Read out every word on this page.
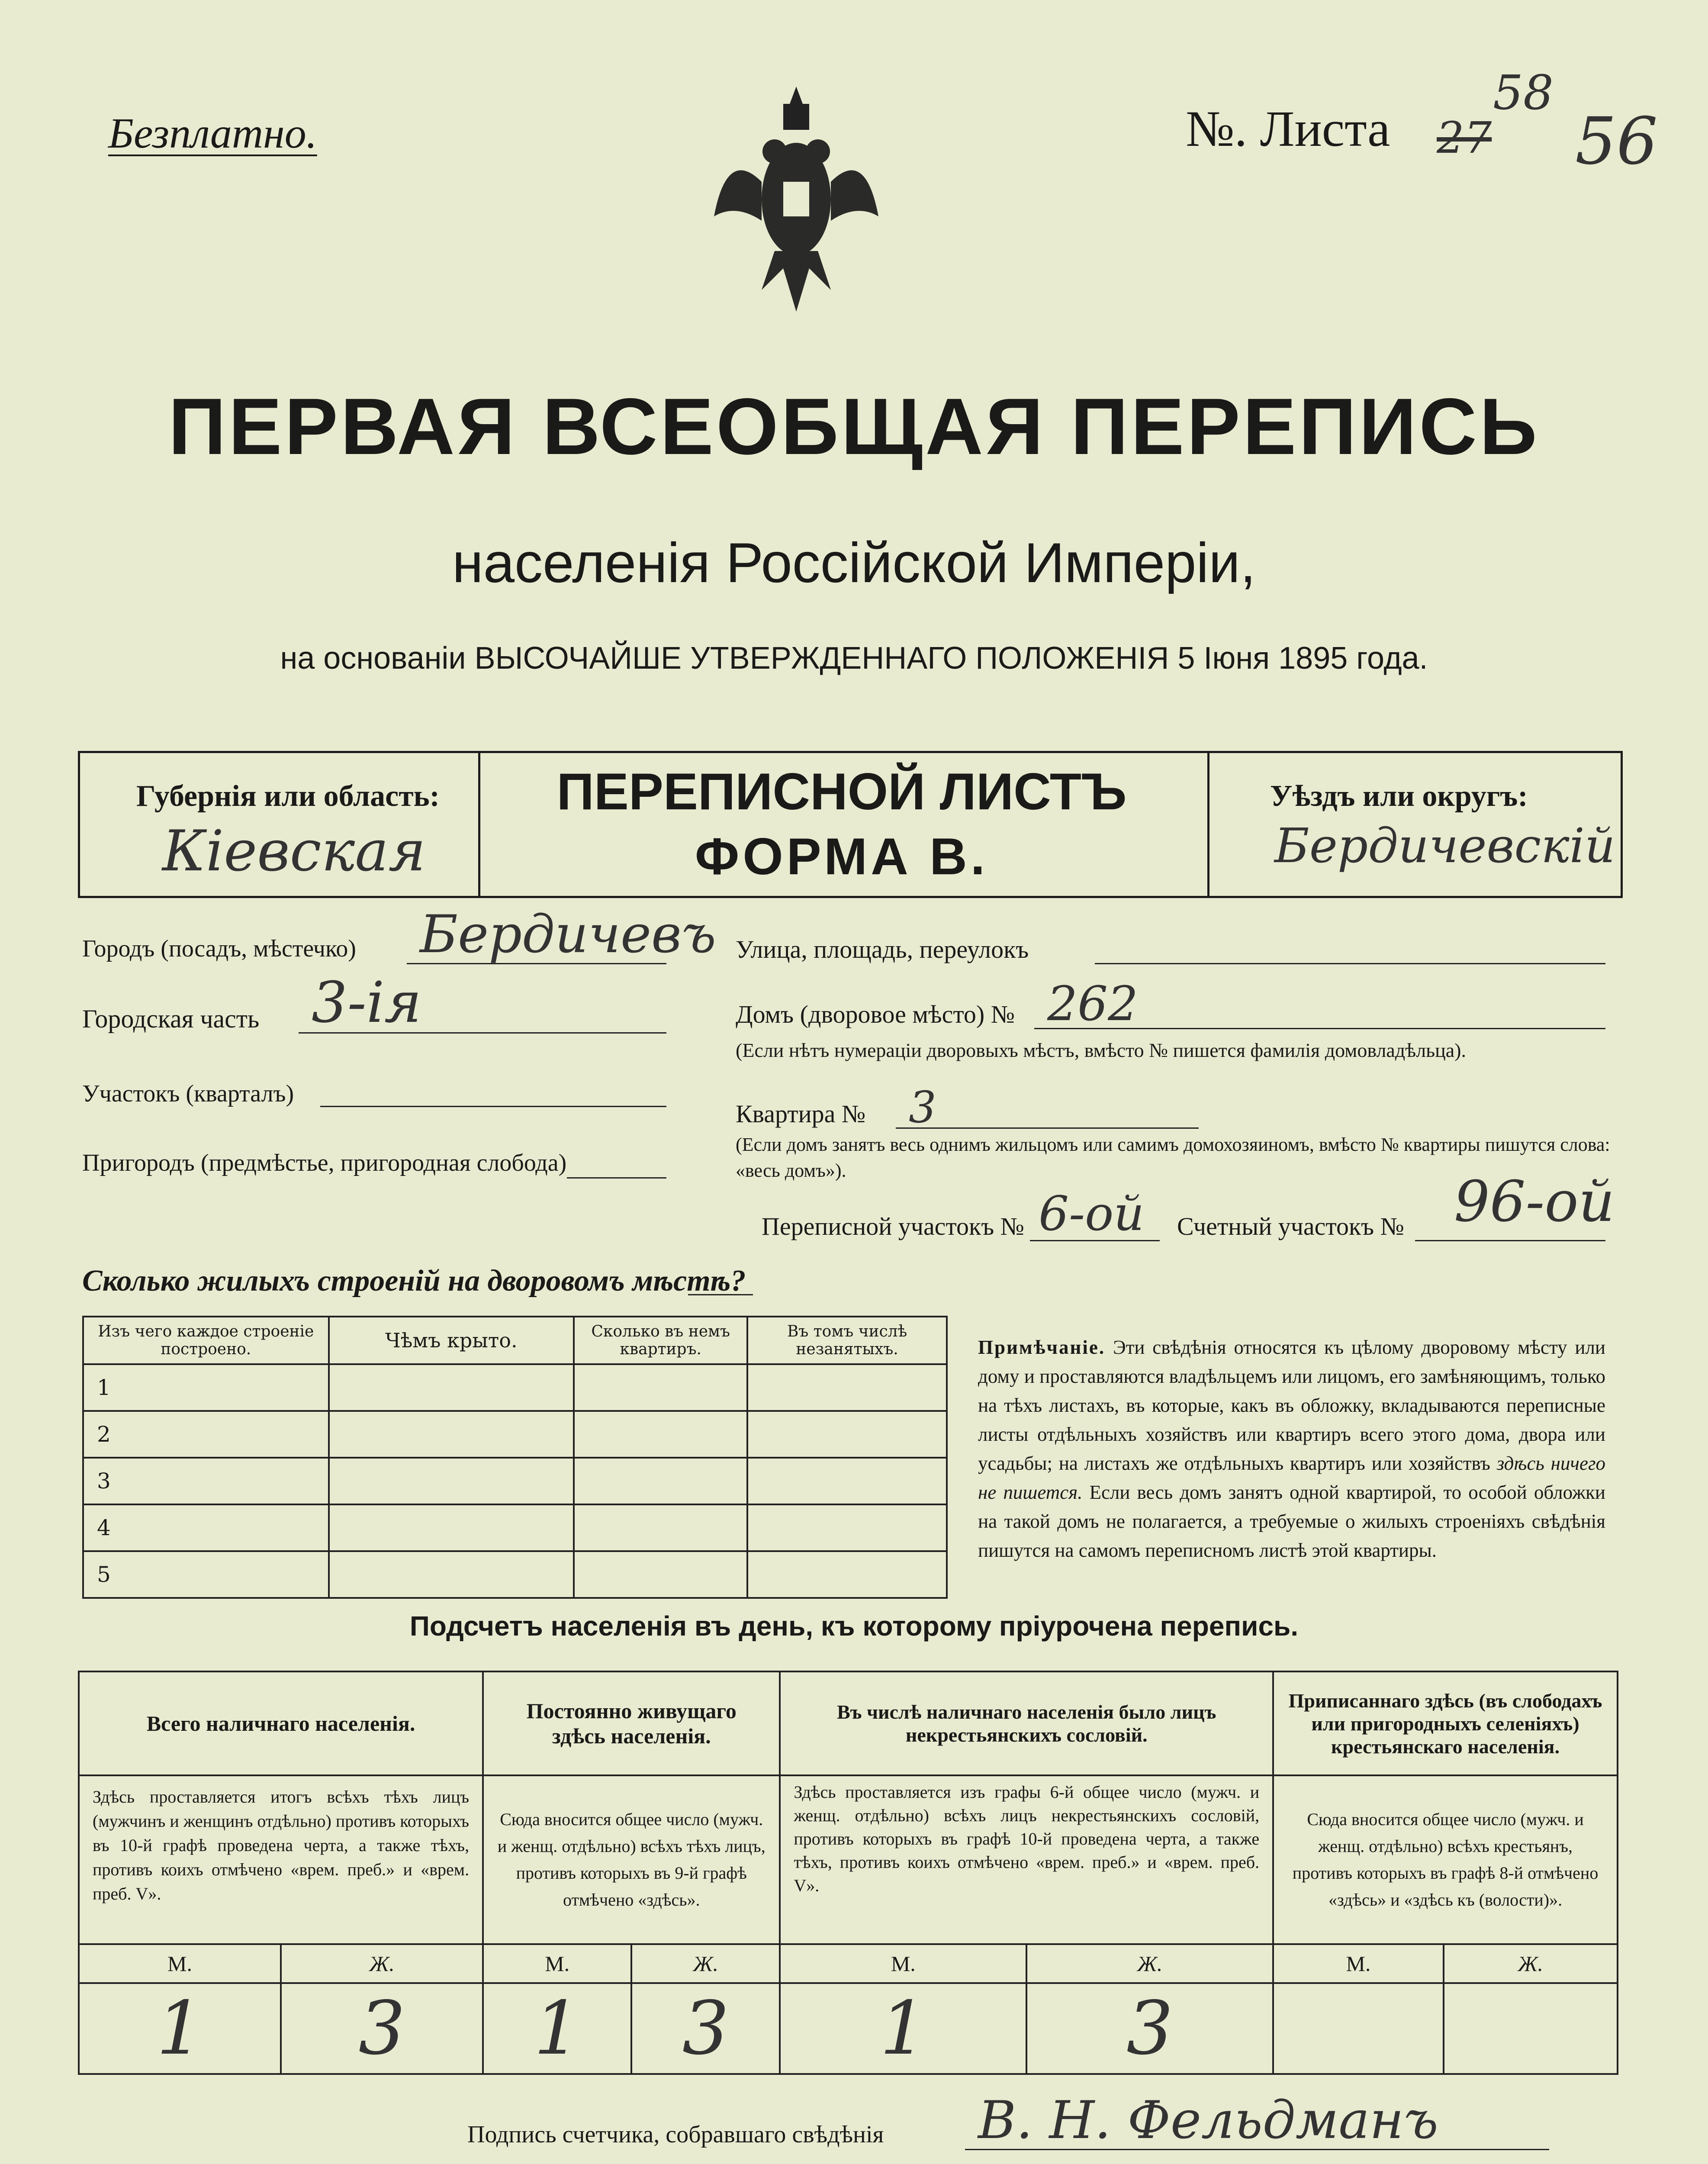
Безплатно.	№. Листа 27
58
56
ПЕРВАЯ ВСЕОБЩАЯ ПЕРЕПИСЬ
населенія Россійской Имперіи,
на основаніи ВЫСОЧАЙШЕ УТВЕРЖДЕННАГО ПОЛОЖЕНІЯ 5 Іюня 1895 года.
Губернія или область:
Кіевская
ПЕРЕПИСНОЙ ЛИСТЪ
ФОРМА В.
Уѣздъ или округъ:
Бердичевскій
Городъ (посадъ, мѣстечко) Бердичевъ
Городская часть 3-ія
Участокъ (кварталъ)
Пригородъ (предмѣстье, пригородная слобода)
Улица, площадь, переулокъ
Домъ (дворовое мѣсто) № 262
(Если нѣтъ нумераціи дворовыхъ мѣстъ, вмѣсто № пишется фамилія домовладѣльца).
Квартира № 3
(Если домъ занятъ весь однимъ жильцомъ или самимъ домохозяиномъ, вмѣсто № квартиры пишутся слова: «весь домъ»).
Переписной участокъ № 6-ой Счетный участокъ № 96-ой
Сколько жилыхъ строеній на дворовомъ мѣстѣ?
Изъ чего каждое строеніе построено.	Чѣмъ крыто.	Сколько въ немъ квартиръ.	Въ томъ числѣ незанятыхъ.
1			
2			
3			
4			
5			
Примѣчаніе. Эти свѣдѣнія относятся къ цѣлому дворовому мѣсту или дому и проставляются владѣльцемъ или лицомъ, его замѣняющимъ, только на тѣхъ листахъ, въ которые, какъ въ обложку, вкладываются переписные листы отдѣльныхъ хозяйствъ или квартиръ всего этого дома, двора или усадьбы; на листахъ же отдѣльныхъ квартиръ или хозяйствъ здѣсь ничего не пишется. Если весь домъ занятъ одной квартирой, то особой обложки на такой домъ не полагается, а требуемые о жилыхъ строеніяхъ свѣдѣнія пишутся на самомъ переписномъ листѣ этой квартиры.
Подсчетъ населенія въ день, къ которому пріурочена перепись.
Всего наличнаго населенія.		Постоянно живущаго здѣсь населенія.		Въ числѣ наличнаго населенія было лицъ некрестьянскихъ сословій.		Приписаннаго здѣсь (въ слободахъ или пригородныхъ селеніяхъ) крестьянскаго населенія.	
Здѣсь проставляется итогъ всѣхъ тѣхъ лицъ (мужчинъ и женщинъ отдѣльно) противъ которыхъ въ 10-й графѣ проведена черта, а также тѣхъ, противъ коихъ отмѣчено «врем. преб.» и «врем. преб. V».		Сюда вносится общее число (мужч. и женщ. отдѣльно) всѣхъ тѣхъ лицъ, противъ которыхъ въ 9-й графѣ отмѣчено «здѣсь».		Здѣсь проставляется изъ графы 6-й общее число (мужч. и женщ. отдѣльно) всѣхъ лицъ некрестьянскихъ сословій, противъ которыхъ въ графѣ 10-й проведена черта, а также тѣхъ, противъ коихъ отмѣчено «врем. преб.» и «врем. преб. V».		Сюда вносится общее число (мужч. и женщ. отдѣльно) всѣхъ крестьянъ, противъ которыхъ въ графѣ 8-й отмѣчено «здѣсь» и «здѣсь къ (волости)».	
М.	Ж.	М.	Ж.	М.	Ж.	М.	Ж.
1	3	1	3	1	3		
Подпись счетчика, собравшаго свѣдѣнія В. Н. Фельдманъ
